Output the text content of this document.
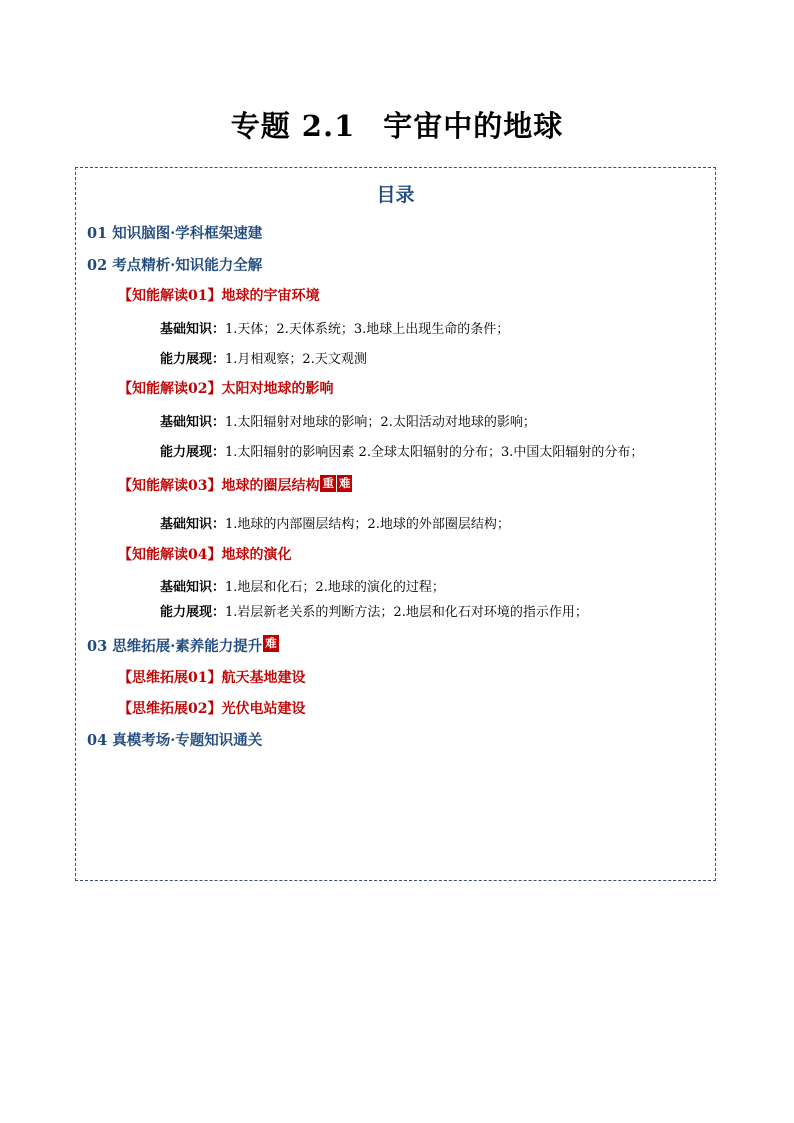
专题 2.1 宇宙中的地球
目录
01 知识脑图·学科框架速建
02 考点精析·知识能力全解
【知能解读01】地球的宇宙环境
基础知识：1.天体；2.天体系统；3.地球上出现生命的条件；
能力展现：1.月相观察；2.天文观测
【知能解读02】太阳对地球的影响
基础知识：1.太阳辐射对地球的影响；2.太阳活动对地球的影响；
能力展现：1.太阳辐射的影响因素 2.全球太阳辐射的分布；3.中国太阳辐射的分布；
【知能解读03】地球的圈层结构 重 难
基础知识：1.地球的内部圈层结构；2.地球的外部圈层结构；
【知能解读04】地球的演化
基础知识：1.地层和化石；2.地球的演化的过程；
能力展现：1.岩层新老关系的判断方法；2.地层和化石对环境的指示作用；
03 思维拓展·素养能力提升 难
【思维拓展01】航天基地建设
【思维拓展02】光伏电站建设
04 真模考场·专题知识通关
